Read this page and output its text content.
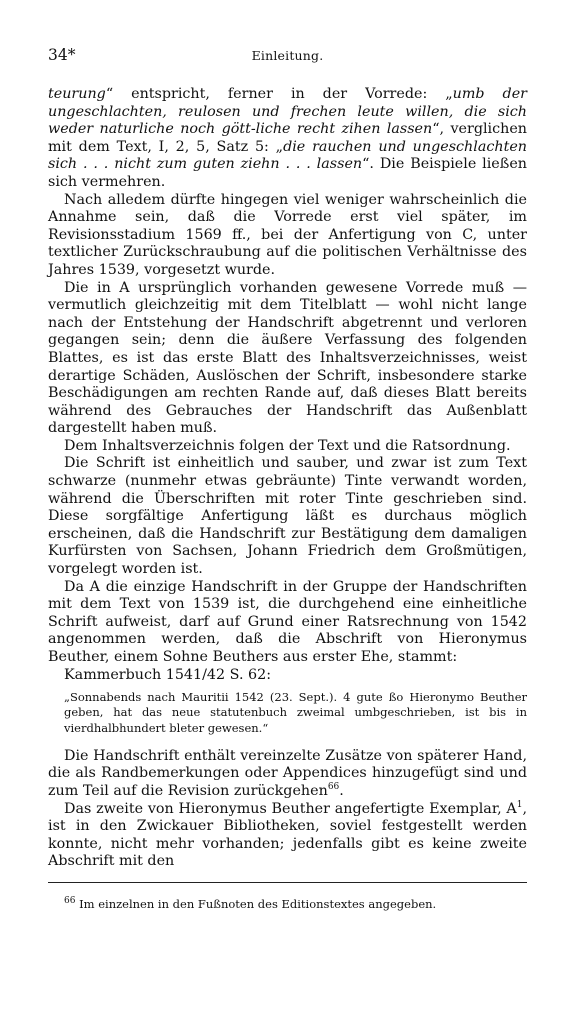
34*	Einleitung.

teurung“ entspricht, ferner in der Vorrede: „umb der ungeschlachten, reulosen und frechen leute willen, die sich weder naturliche noch gött-liche recht zihen lassen“, verglichen mit dem Text, I, 2, 5, Satz 5: „die rauchen und ungeschlachten sich . . . nicht zum guten ziehn . . . lassen“. Die Beispiele ließen sich vermehren.

Nach alledem dürfte hingegen viel weniger wahrscheinlich die Annahme sein, daß die Vorrede erst viel später, im Revisionsstadium 1569 ff., bei der Anfertigung von C, unter textlicher Zurückschraubung auf die politischen Verhältnisse des Jahres 1539, vorgesetzt wurde.

Die in A ursprünglich vorhanden gewesene Vorrede muß — vermutlich gleichzeitig mit dem Titelblatt — wohl nicht lange nach der Entstehung der Handschrift abgetrennt und verloren gegangen sein; denn die äußere Verfassung des folgenden Blattes, es ist das erste Blatt des Inhaltsverzeichnisses, weist derartige Schäden, Auslöschen der Schrift, insbesondere starke Beschädigungen am rechten Rande auf, daß dieses Blatt bereits während des Gebrauches der Handschrift das Außenblatt dargestellt haben muß.

Dem Inhaltsverzeichnis folgen der Text und die Ratsordnung.

Die Schrift ist einheitlich und sauber, und zwar ist zum Text schwarze (nunmehr etwas gebräunte) Tinte verwandt worden, während die Überschriften mit roter Tinte geschrieben sind. Diese sorgfältige Anfertigung läßt es durchaus möglich erscheinen, daß die Handschrift zur Bestätigung dem damaligen Kurfürsten von Sachsen, Johann Friedrich dem Großmütigen, vorgelegt worden ist.

Da A die einzige Handschrift in der Gruppe der Handschriften mit dem Text von 1539 ist, die durchgehend eine einheitliche Schrift aufweist, darf auf Grund einer Ratsrechnung von 1542 angenommen werden, daß die Abschrift von Hieronymus Beuther, einem Sohne Beuthers aus erster Ehe, stammt:

Kammerbuch 1541/42 S. 62:

„Sonnabends nach Mauritii 1542 (23. Sept.). 4 gute ßo Hieronymo Beuther geben, hat das neue statutenbuch zweimal umbgeschrieben, ist bis in vierdhalbhundert bleter gewesen.“

Die Handschrift enthält vereinzelte Zusätze von späterer Hand, die als Randbemerkungen oder Appendices hinzugefügt sind und zum Teil auf die Revision zurückgehen$^{66}$.

Das zweite von Hieronymus Beuther angefertigte Exemplar, $A^1$, ist in den Zwickauer Bibliotheken, soviel festgestellt werden konnte, nicht mehr vorhanden; jedenfalls gibt es keine zweite Abschrift mit den

$^{66}$ Im einzelnen in den Fußnoten des Editionstextes angegeben.
